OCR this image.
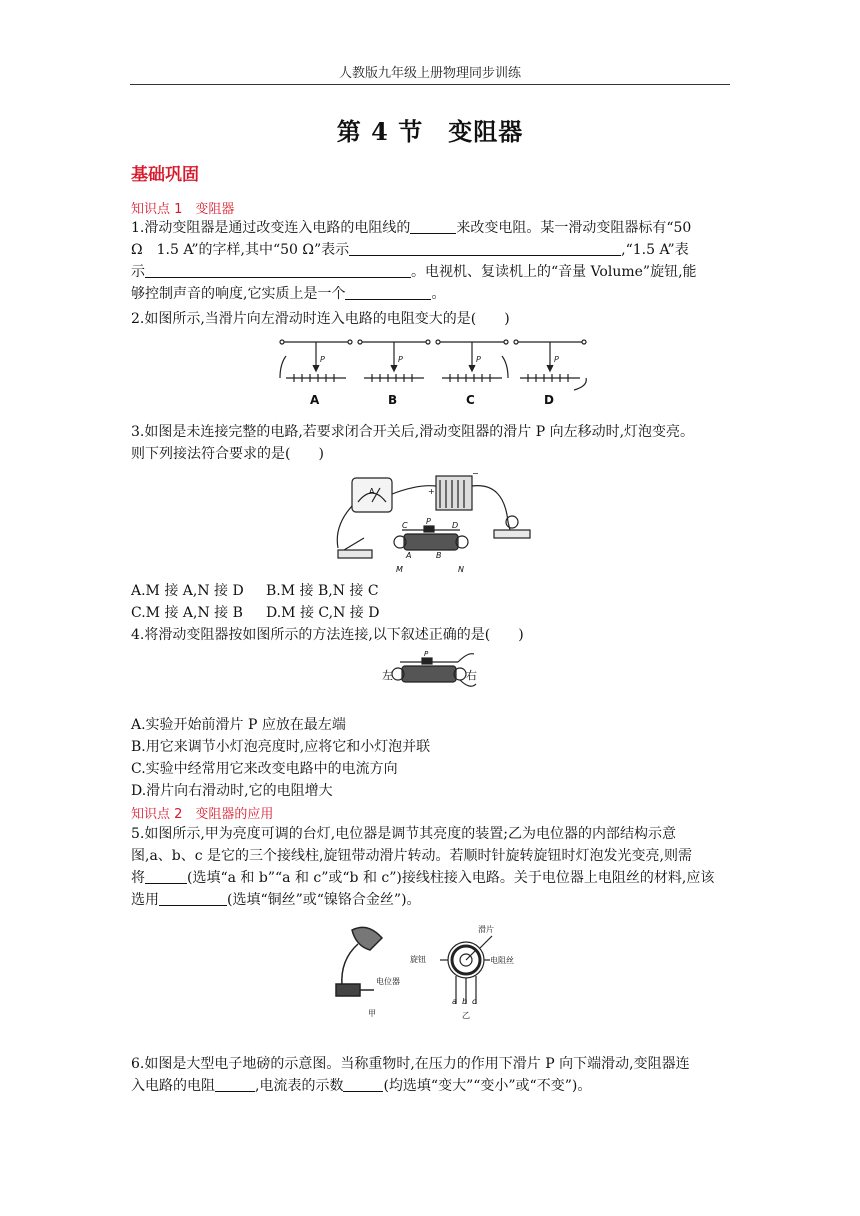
人教版九年级上册物理同步训练
第 4 节　变阻器
基础巩固
知识点 1　变阻器
1.滑动变阻器是通过改变连入电路的电阻线的	来改变电阻。某一滑动变阻器标有“50
Ω　1.5 A”的字样,其中“50 Ω”表示	,“1.5 A”表
示	。电视机、复读机上的“音量 Volume”旋钮,能
够控制声音的响度,它实质上是一个	。
2.如图所示,当滑片向左滑动时连入电路的电阻变大的是(　　)
P	P	P	P
A	B	C	D
3.如图是未连接完整的电路,若要求闭合开关后,滑动变阻器的滑片 P 向左移动时,灯泡变亮。
则下列接法符合要求的是(　　)
+
−
A
C P	D
A	B
M	N
A.M 接 A,N 接 D B.M 接 B,N 接 C
C.M 接 A,N 接 B D.M 接 C,N 接 D
4.将滑动变阻器按如图所示的方法连接,以下叙述正确的是(　　)
左	右
P
A.实验开始前滑片 P 应放在最左端
B.用它来调节小灯泡亮度时,应将它和小灯泡并联
C.实验中经常用它来改变电路中的电流方向
D.滑片向右滑动时,它的电阻增大
知识点 2　变阻器的应用
5.如图所示,甲为亮度可调的台灯,电位器是调节其亮度的装置;乙为电位器的内部结构示意
图,a、b、c 是它的三个接线柱,旋钮带动滑片转动。若顺时针旋转旋钮时灯泡发光变亮,则需
将	(选填“a 和 b”“a 和 c”或“b 和 c”)接线柱接入电路。关于电位器上电阻丝的材料,应该
选用	(选填“铜丝”或“镍铬合金丝”)。
电位器
甲	乙
滑片
旋钮	电阻丝
a b c
6.如图是大型电子地磅的示意图。当称重物时,在压力的作用下滑片 P 向下端滑动,变阻器连
入电路的电阻	,电流表的示数	(均选填“变大”“变小”或“不变”)。
